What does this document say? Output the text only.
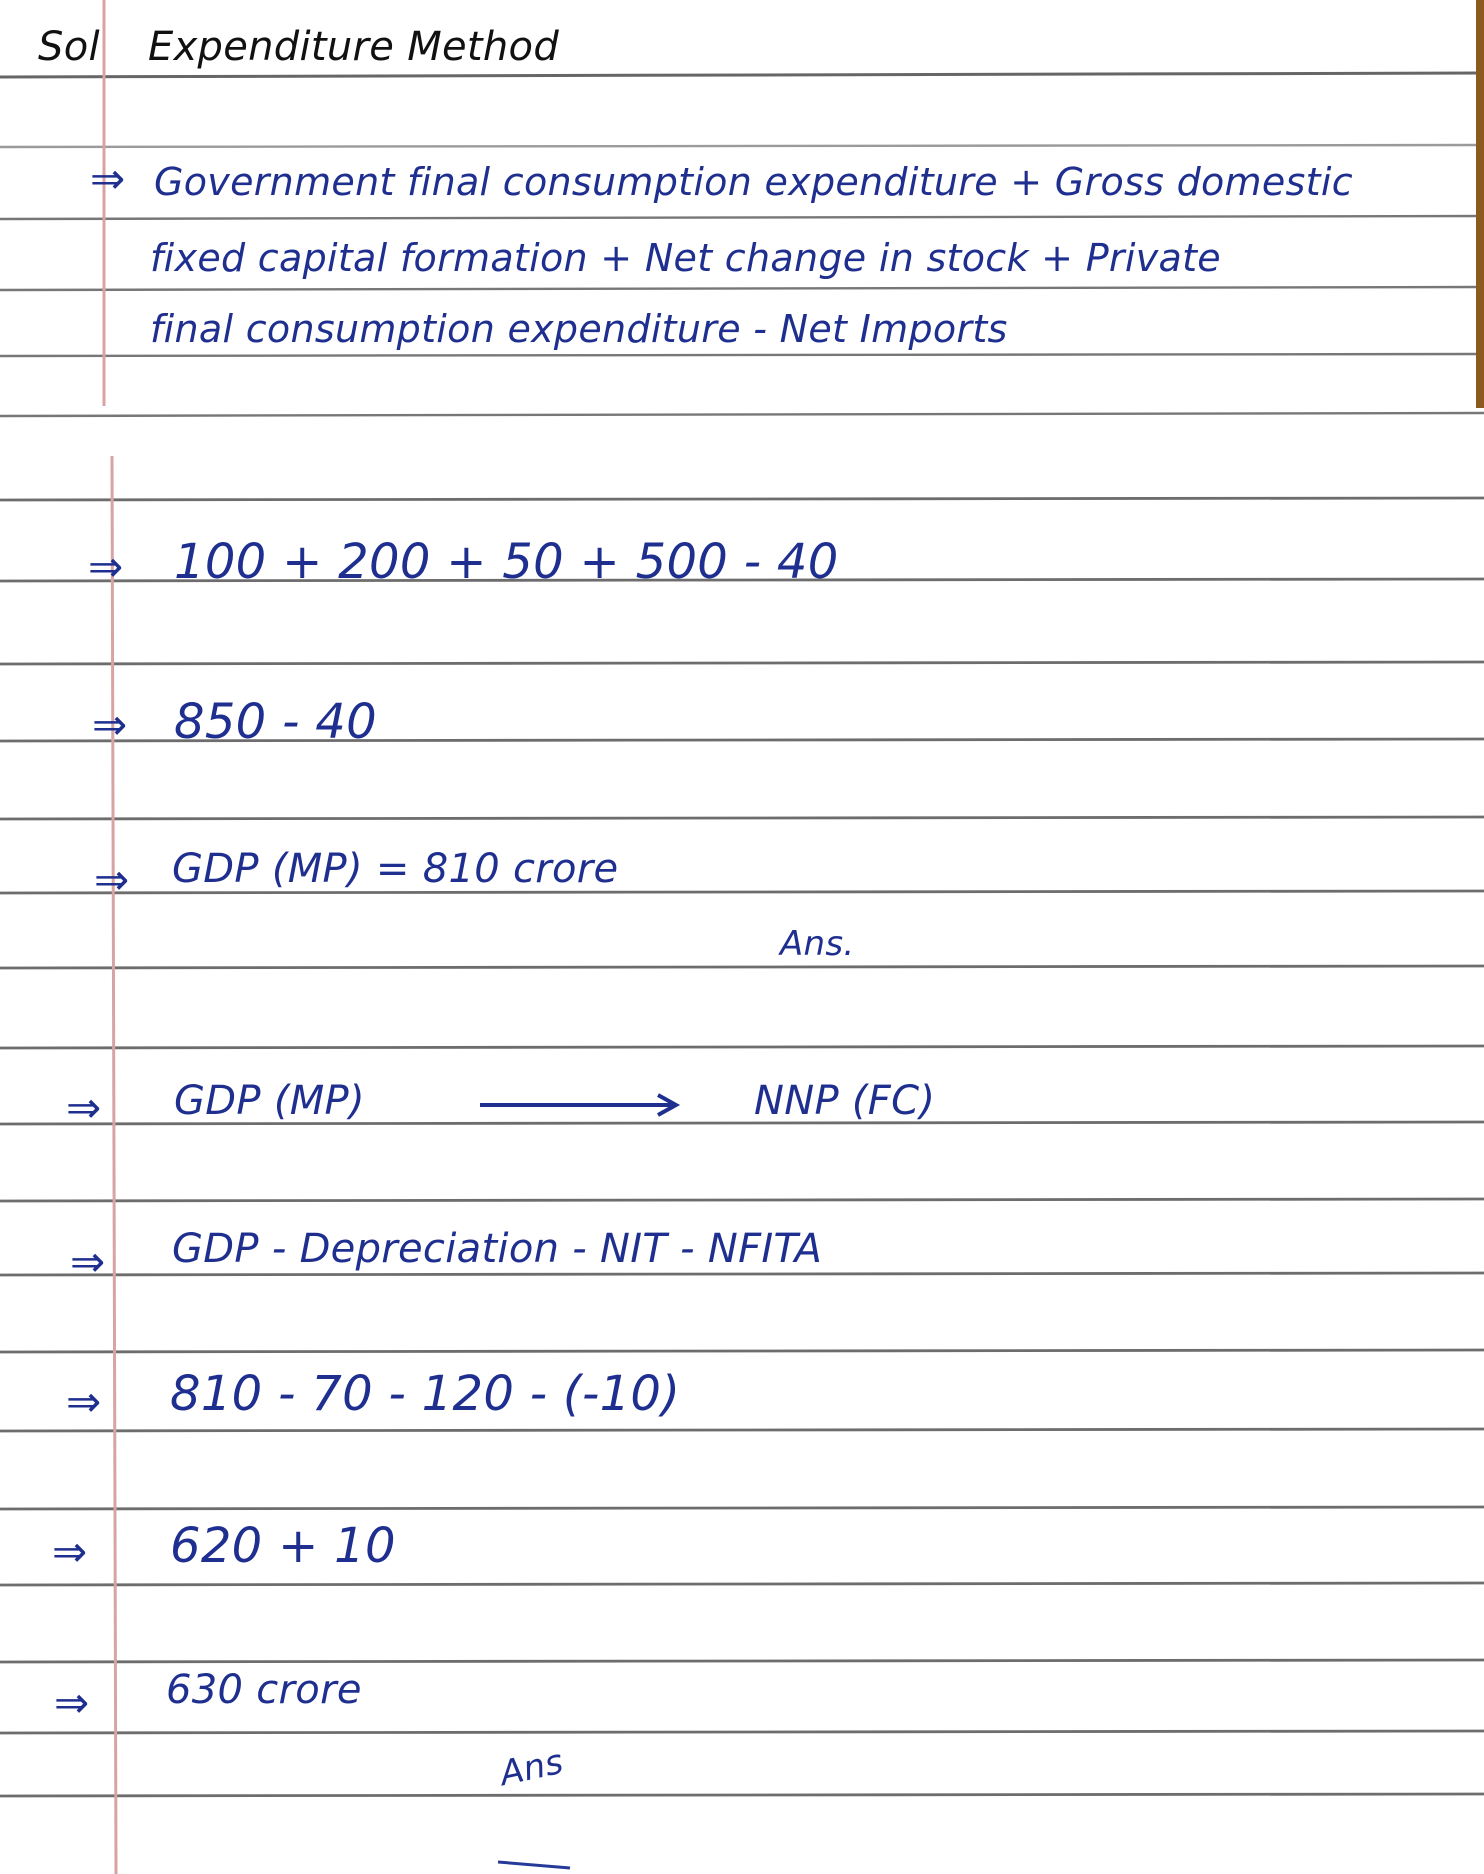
Sol Expenditure Method
⇒ Government final consumption expenditure + Gross domestic
fixed capital formation + Net change in stock + Private
final consumption expenditure - Net Imports
⇒ 100 + 200 + 50 + 500 - 40
⇒ 850 - 40
⇒ GDP (MP) = 810 crore
Ans.
⇒ GDP (MP)	NNP (FC)
⇒ GDP - Depreciation - NIT - NFITA
⇒ 810 - 70 - 120 - (-10)
⇒ 620 + 10
⇒ 630 crore
Ans
